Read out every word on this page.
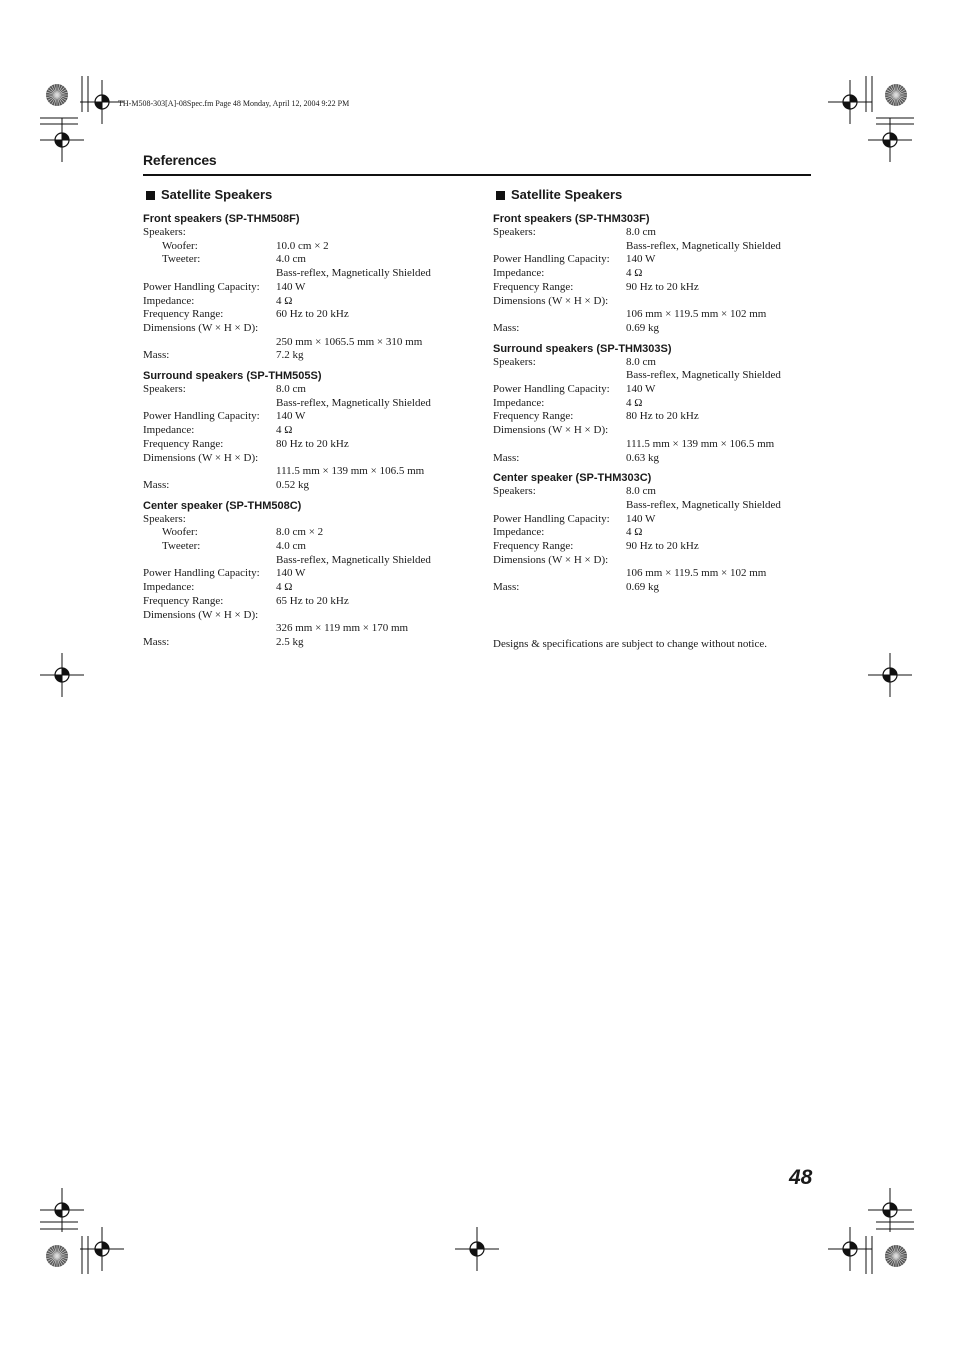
TH-M508-303[A]-08Spec.fm Page 48 Monday, April 12, 2004 9:22 PM
References
Satellite Speakers
Front speakers (SP-THM508F)
Speakers:
Woofer:	10.0 cm × 2
Tweeter:	4.0 cm
Bass-reflex, Magnetically Shielded
Power Handling Capacity:	140 W
Impedance:	4 Ω
Frequency Range:	60 Hz to 20 kHz
Dimensions (W × H × D):
250 mm × 1065.5 mm × 310 mm
Mass:	7.2 kg
Surround speakers (SP-THM505S)
Speakers:	8.0 cm
Bass-reflex, Magnetically Shielded
Power Handling Capacity:	140 W
Impedance:	4 Ω
Frequency Range:	80 Hz to 20 kHz
Dimensions (W × H × D):
111.5 mm × 139 mm × 106.5 mm
Mass:	0.52 kg
Center speaker (SP-THM508C)
Speakers:
Woofer:	8.0 cm × 2
Tweeter:	4.0 cm
Bass-reflex, Magnetically Shielded
Power Handling Capacity:	140 W
Impedance:	4 Ω
Frequency Range:	65 Hz to 20 kHz
Dimensions (W × H × D):
326 mm × 119 mm × 170 mm
Mass:	2.5 kg
Satellite Speakers
Front speakers (SP-THM303F)
Speakers:	8.0 cm
Bass-reflex, Magnetically Shielded
Power Handling Capacity:	140 W
Impedance:	4 Ω
Frequency Range:	90 Hz to 20 kHz
Dimensions (W × H × D):
106 mm × 119.5 mm × 102 mm
Mass:	0.69 kg
Surround speakers (SP-THM303S)
Speakers:	8.0 cm
Bass-reflex, Magnetically Shielded
Power Handling Capacity:	140 W
Impedance:	4 Ω
Frequency Range:	80 Hz to 20 kHz
Dimensions (W × H × D):
111.5 mm × 139 mm × 106.5 mm
Mass:	0.63 kg
Center speaker (SP-THM303C)
Speakers:	8.0 cm
Bass-reflex, Magnetically Shielded
Power Handling Capacity:	140 W
Impedance:	4 Ω
Frequency Range:	90 Hz to 20 kHz
Dimensions (W × H × D):
106 mm × 119.5 mm × 102 mm
Mass:	0.69 kg
Designs & specifications are subject to change without notice.
48
